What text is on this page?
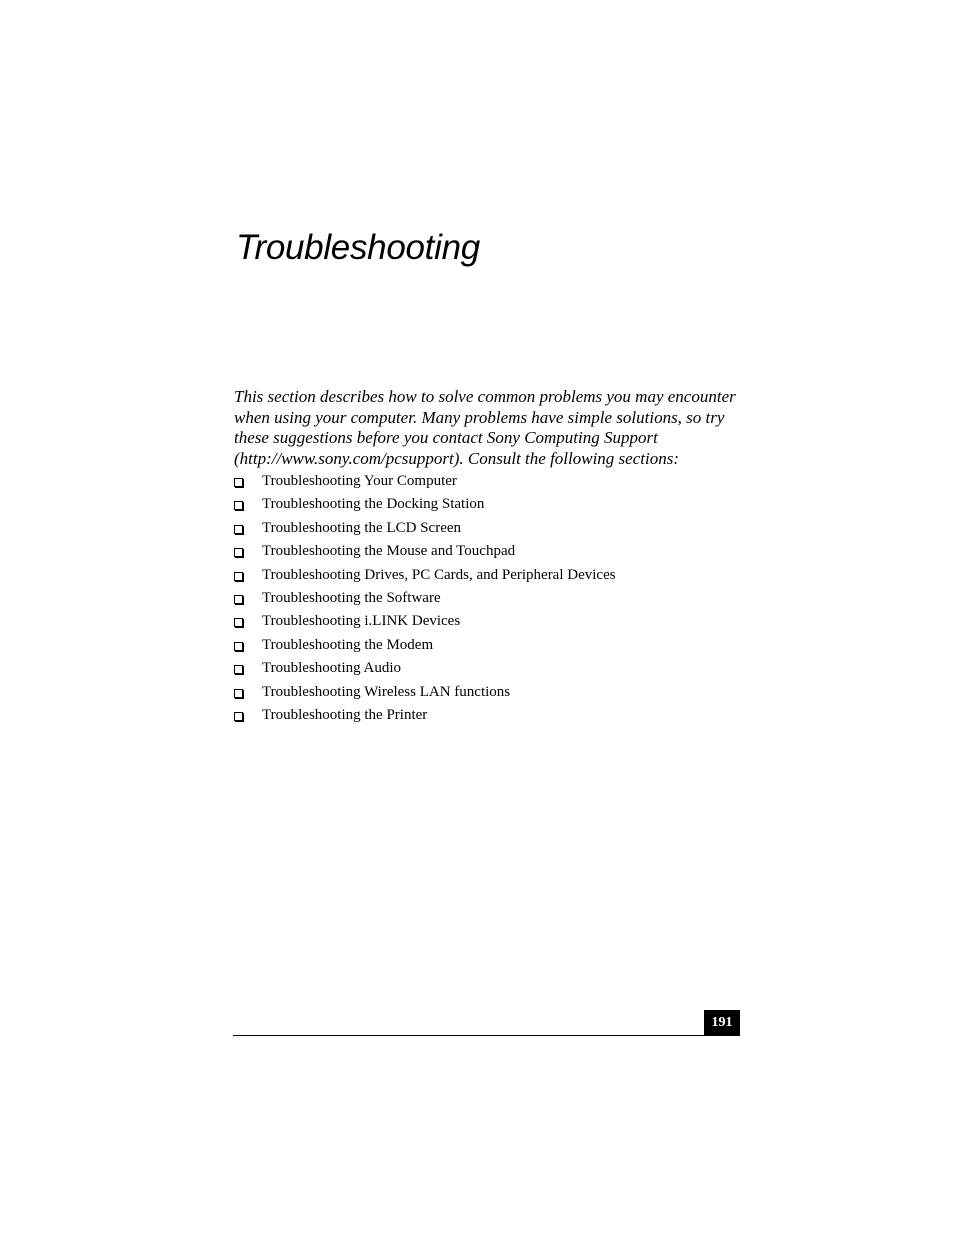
Troubleshooting

This section describes how to solve common problems you may encounter when using your computer. Many problems have simple solutions, so try these suggestions before you contact Sony Computing Support (http://www.sony.com/pcsupport). Consult the following sections:

Troubleshooting Your Computer
Troubleshooting the Docking Station
Troubleshooting the LCD Screen
Troubleshooting the Mouse and Touchpad
Troubleshooting Drives, PC Cards, and Peripheral Devices
Troubleshooting the Software
Troubleshooting i.LINK Devices
Troubleshooting the Modem
Troubleshooting Audio
Troubleshooting Wireless LAN functions
Troubleshooting the Printer
191
